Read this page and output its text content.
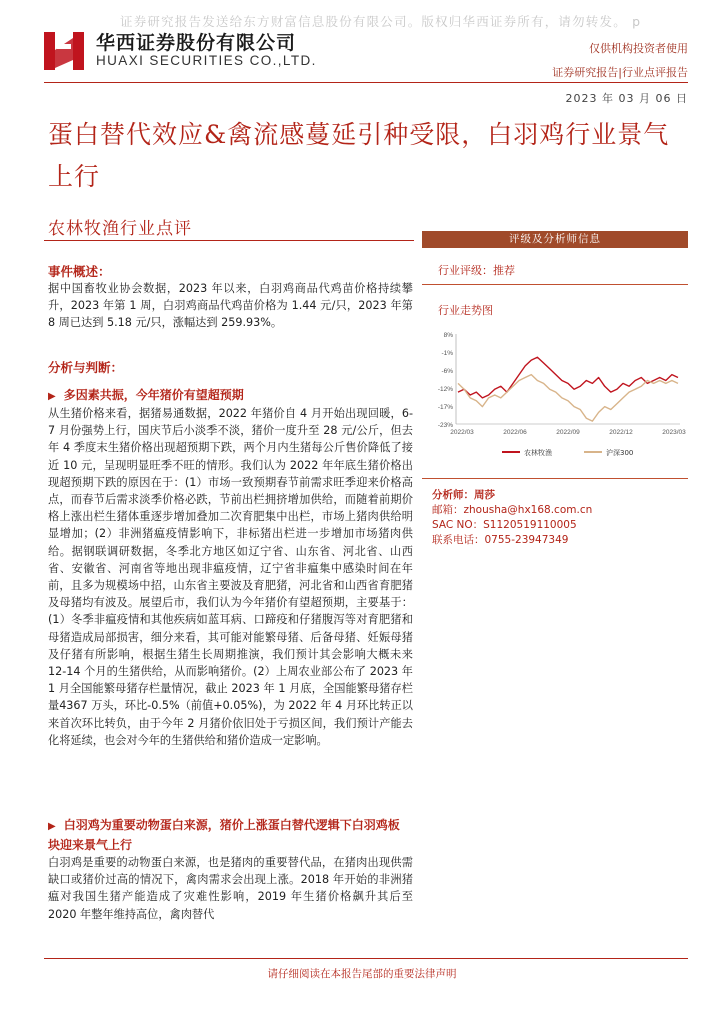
证券研究报告发送给东方财富信息股份有限公司。版权归华西证券所有，请勿转发。 p
华西证券股份有限公司
HUAXI SECURITIES CO.,LTD.
仅供机构投资者使用
证券研究报告|行业点评报告
2023 年 03 月 06 日
蛋白替代效应&禽流感蔓延引种受限，白羽鸡行业景气上行
农林牧渔行业点评
事件概述：
据中国畜牧业协会数据，2023 年以来，白羽鸡商品代鸡苗价格持续攀升，2023 年第 1 周，白羽鸡商品代鸡苗价格为 1.44 元/只，2023 年第 8 周已达到 5.18 元/只，涨幅达到 259.93%。
分析与判断：
▶ 多因素共振，今年猪价有望超预期
从生猪价格来看，据猪易通数据，2022 年猪价自 4 月开始出现回暖，6-7 月份强势上行，国庆节后小淡季不淡，猪价一度升至 28 元/公斤，但去年 4 季度末生猪价格出现超预期下跌，两个月内生猪每公斤售价降低了接近 10 元，呈现明显旺季不旺的情形。我们认为 2022 年年底生猪价格出现超预期下跌的原因在于：(1）市场一致预期春节前需求旺季迎来价格高点，而春节后需求淡季价格必跌，节前出栏拥挤增加供给，而随着前期价格上涨出栏生猪体重逐步增加叠加二次育肥集中出栏，市场上猪肉供给明显增加；(2）非洲猪瘟疫情影响下，非标猪出栏进一步增加市场猪肉供给。据钢联调研数据，冬季北方地区如辽宁省、山东省、河北省、山西省、安徽省、河南省等地出现非瘟疫情，辽宁省非瘟集中感染时间在年前，且多为规模场中招，山东省主要波及育肥猪，河北省和山西省育肥猪及母猪均有波及。展望后市，我们认为今年猪价有望超预期，主要基于：(1）冬季非瘟疫情和其他疾病如蓝耳病、口蹄疫和仔猪腹泻等对育肥猪和母猪造成局部损害，细分来看，其可能对能繁母猪、后备母猪、妊娠母猪及仔猪有所影响，根据生猪生长周期推演，我们预计其会影响大概未来 12-14 个月的生猪供给，从而影响猪价。(2）上周农业部公布了 2023 年 1 月全国能繁母猪存栏量情况，截止 2023 年 1 月底，全国能繁母猪存栏量4367 万头，环比-0.5%（前值+0.05%)，为 2022 年 4 月环比转正以来首次环比转负，由于今年 2 月猪价依旧处于亏损区间，我们预计产能去化将延续，也会对今年的生猪供给和猪价造成一定影响。
▶ 白羽鸡为重要动物蛋白来源，猪价上涨蛋白替代逻辑下白羽鸡板块迎来景气上行
白羽鸡是重要的动物蛋白来源，也是猪肉的重要替代品，在猪肉出现供需缺口或猪价过高的情况下，禽肉需求会出现上涨。2018 年开始的非洲猪瘟对我国生猪产能造成了灾难性影响，2019 年生猪价格飙升其后至 2020 年整年维持高位，禽肉替代
评级及分析师信息
行业评级：推荐
行业走势图
8%
-1%
-6%
-12%
-17%
-23%
2022/03	2022/06	2022/09	2022/12	2023/03
农林牧渔	沪深300
分析师：周莎
邮箱：zhousha@hx168.com.cn
SAC NO：S1120519110005
联系电话：0755-23947349
请仔细阅读在本报告尾部的重要法律声明
